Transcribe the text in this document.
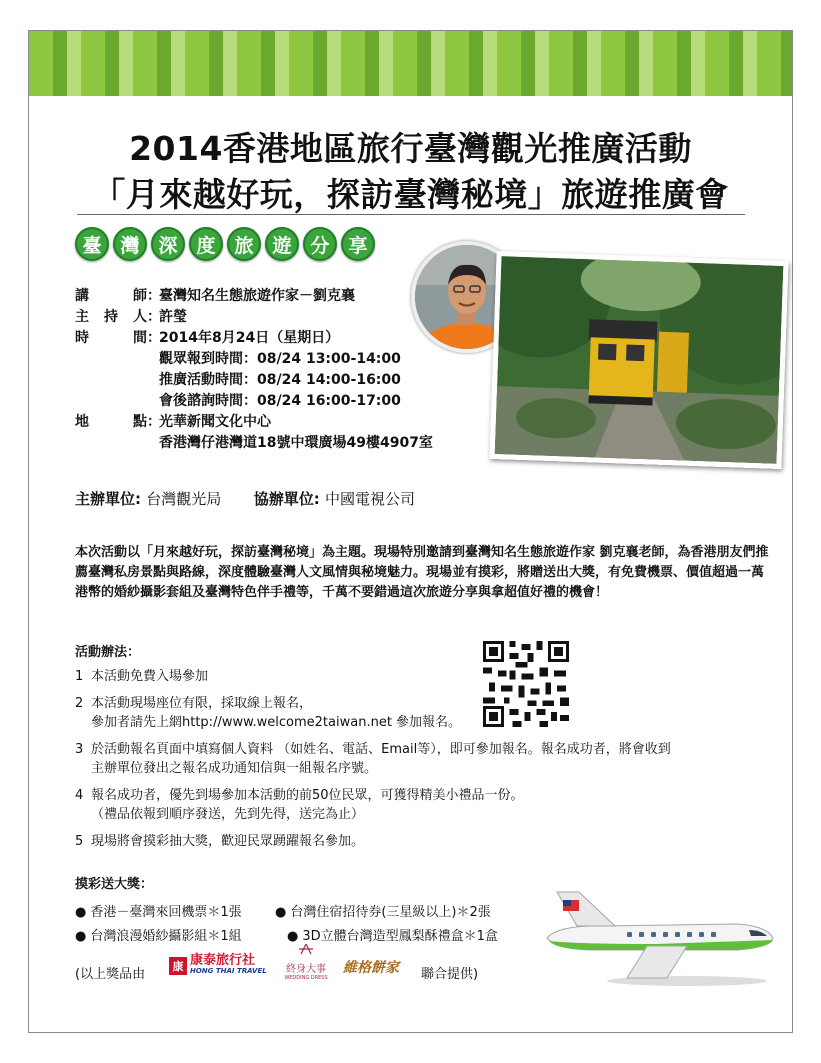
2014香港地區旅行臺灣觀光推廣活動
「月來越好玩，探訪臺灣秘境」旅遊推廣會
臺 灣 深 度 旅 遊 分 享
講	師 ：
臺灣知名生態旅遊作家－劉克襄
主 持 人 ：
許瑩
時	間 ：
2014年8月24日（星期日）
觀眾報到時間：08/24 13:00-14:00
推廣活動時間：08/24 14:00-16:00
會後諮詢時間：08/24 16:00-17:00
地	點 ：
光華新聞文化中心
香港灣仔港灣道18號中環廣場49樓4907室
主辦單位: 台灣觀光局 協辦單位: 中國電視公司
本次活動以「月來越好玩，探訪臺灣秘境」為主題。現場特別邀請到臺灣知名生態旅遊作家 劉克襄老師，為香港朋友們推薦臺灣私房景點與路線，深度體驗臺灣人文風情與秘境魅力。現場並有摸彩，將贈送出大獎，有免費機票、價值超過一萬港幣的婚紗攝影套組及臺灣特色伴手禮等，千萬不要錯過這次旅遊分享與拿超值好禮的機會！
活動辦法：
1 本活動免費入場參加
2 本活動現場座位有限，採取線上報名，
參加者請先上網http://www.welcome2taiwan.net 參加報名。
3 於活動報名頁面中填寫個人資料 （如姓名、電話、Email等），即可參加報名。報名成功者，將會收到
主辦單位發出之報名成功通知信與一組報名序號。
4 報名成功者，優先到場參加本活動的前50位民眾，可獲得精美小禮品一份。
（禮品依報到順序發送，先到先得，送完為止）
5 現場將會摸彩抽大獎，歡迎民眾踴躍報名參加。
摸彩送大獎：
● 香港－臺灣來回機票＊1張	● 台灣住宿招待券(三星級以上)＊2張
● 台灣浪漫婚紗攝影組＊1組	● 3D立體台灣造型鳳梨酥禮盒＊1盒
(以上獎品由
康 康泰旅行社
HONG THAI TRAVEL	終身大事
WEDDING DRESS
維格餅家 聯合提供)
